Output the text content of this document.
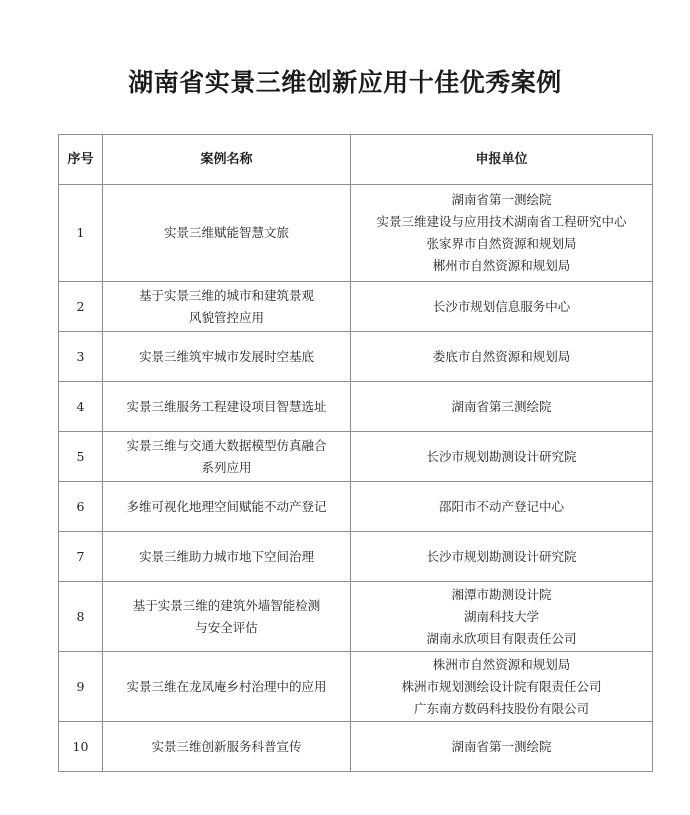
湖南省实景三维创新应用十佳优秀案例
序号	案例名称	申报单位
1	实景三维赋能智慧文旅	湖南省第一测绘院
实景三维建设与应用技术湖南省工程研究中心
张家界市自然资源和规划局
郴州市自然资源和规划局

2	基于实景三维的城市和建筑景观
风貌管控应用	长沙市规划信息服务中心

3	实景三维筑牢城市发展时空基底	娄底市自然资源和规划局

4	实景三维服务工程建设项目智慧选址	湖南省第三测绘院

5	实景三维与交通大数据模型仿真融合
系列应用	长沙市规划勘测设计研究院

6	多维可视化地理空间赋能不动产登记	邵阳市不动产登记中心

7	实景三维助力城市地下空间治理	长沙市规划勘测设计研究院

8	基于实景三维的建筑外墙智能检测
与安全评估	湘潭市勘测设计院
湖南科技大学
湖南永欣项目有限责任公司

9	实景三维在龙凤庵乡村治理中的应用	株洲市自然资源和规划局
株洲市规划测绘设计院有限责任公司
广东南方数码科技股份有限公司

10	实景三维创新服务科普宣传	湖南省第一测绘院
